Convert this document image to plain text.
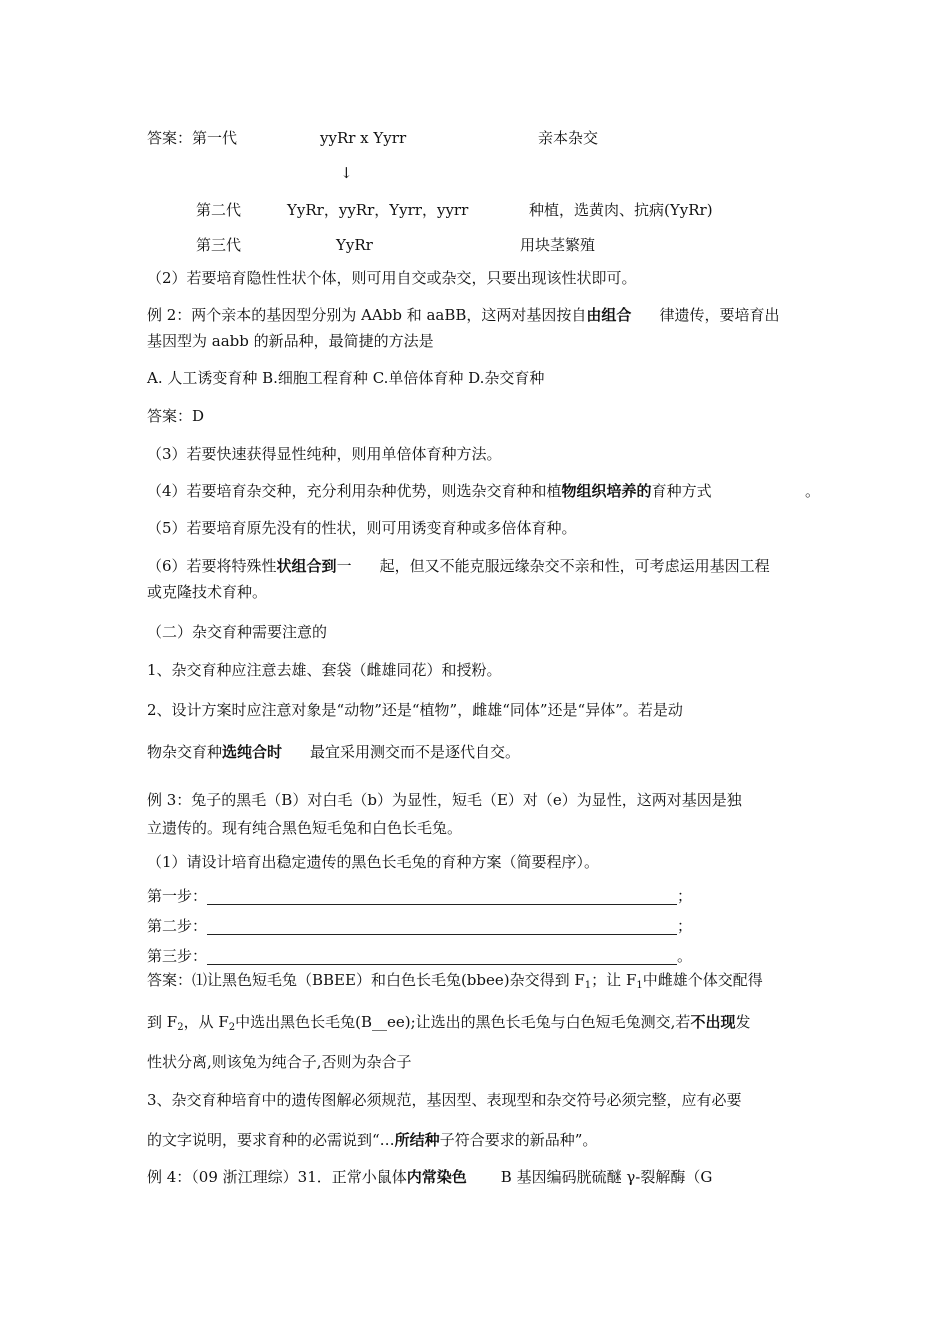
答案：第一代	yyRr x Yyrr	亲本杂交
↓
第二代	YyRr，yyRr，Yyrr，yyrr	种植，选黄肉、抗病(YyRr)
第三代	YyRr	用块茎繁殖
（2）若要培育隐性性状个体，则可用自交或杂交，只要出现该性状即可。
例 2：两个亲本的基因型分别为 AAbb 和 aaBB，这两对基因按自由组合 律遗传，要培育出
基因型为 aabb 的新品种，最简捷的方法是
A. 人工诱变育种 B.细胞工程育种 C.单倍体育种 D.杂交育种
答案：D
（3）若要快速获得显性纯种，则用单倍体育种方法。
（4）若要培育杂交种，充分利用杂种优势，则选杂交育种和植物组织培养的育种方式	。
（5）若要培育原先没有的性状，则可用诱变育种或多倍体育种。
（6）若要将特殊性状组合到一 起，但又不能克服远缘杂交不亲和性，可考虑运用基因工程
或克隆技术育种。
（二）杂交育种需要注意的
1、杂交育种应注意去雄、套袋（雌雄同花）和授粉。
2、设计方案时应注意对象是“动物”还是“植物”，雌雄“同体”还是“异体”。若是动
物杂交育种选纯合时 最宜采用测交而不是逐代自交。
例 3：兔子的黑毛（B）对白毛（b）为显性，短毛（E）对（e）为显性，这两对基因是独
立遗传的。现有纯合黑色短毛兔和白色长毛兔。
（1）请设计培育出稳定遗传的黑色长毛兔的育种方案（简要程序）。
第一步：	；
第二步：	；
第三步：	。
答案：⑴让黑色短毛兔（BBEE）和白色长毛兔(bbee)杂交得到 $F_1$；让 $F_1$中雌雄个体交配得
到 $F_2$，从 $F_2$中选出黑色长毛兔(B__ee);让选出的黑色长毛兔与白色短毛兔测交,若不出现发
性状分离,则该兔为纯合子,否则为杂合子
3、杂交育种培育中的遗传图解必须规范，基因型、表现型和杂交符号必须完整，应有必要
的文字说明，要求育种的必需说到“…所结种子符合要求的新品种”。
例 4：（09 浙江理综）31．正常小鼠体内常染色 B 基因编码胱硫醚 γ-裂解酶（G
